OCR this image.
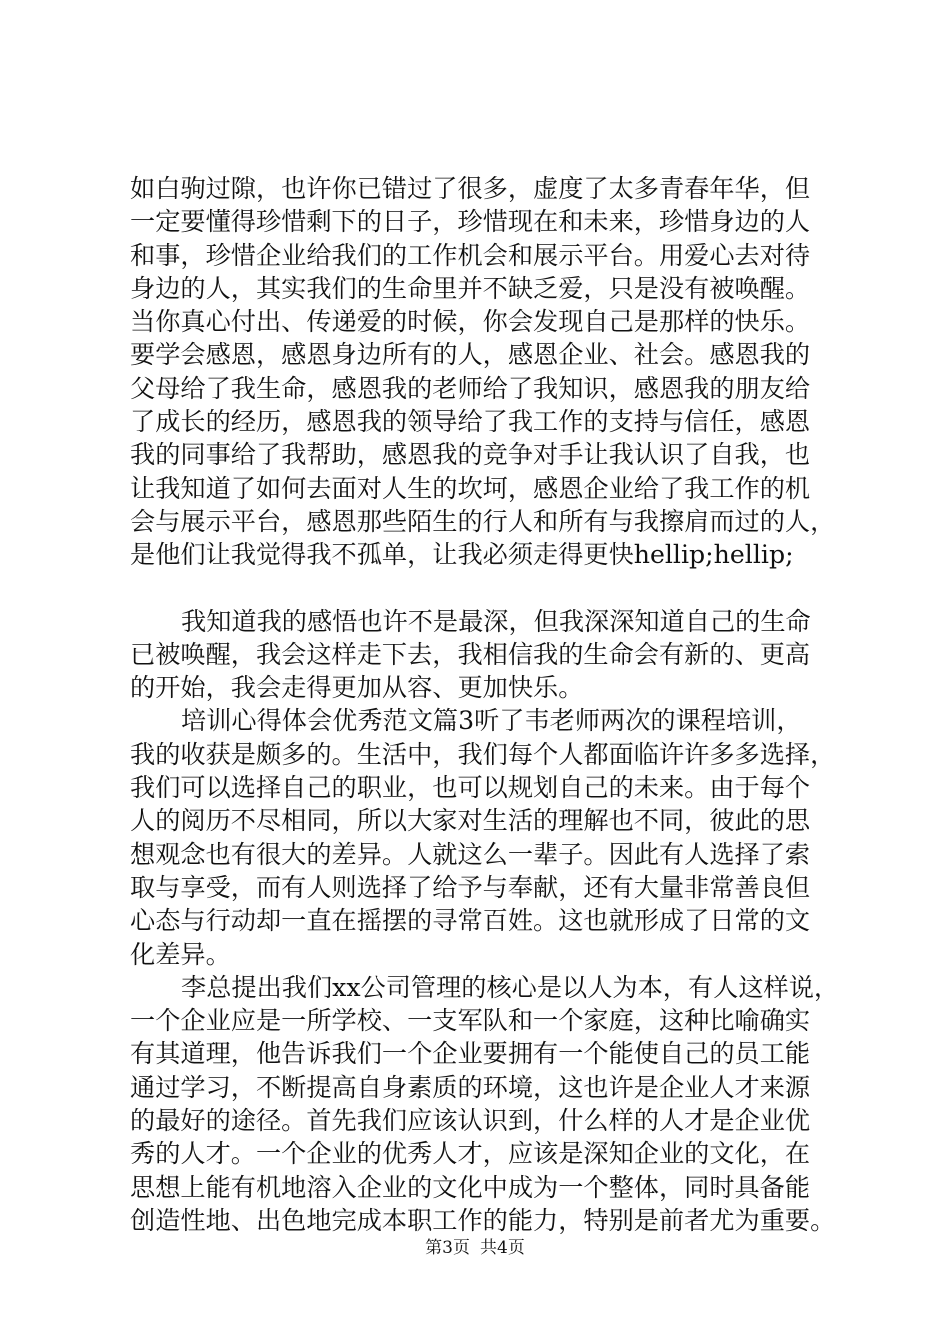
如白驹过隙，也许你已错过了很多，虚度了太多青春年华，但
一定要懂得珍惜剩下的日子，珍惜现在和未来，珍惜身边的人
和事，珍惜企业给我们的工作机会和展示平台。用爱心去对待
身边的人，其实我们的生命里并不缺乏爱，只是没有被唤醒。
当你真心付出、传递爱的时候，你会发现自己是那样的快乐。
要学会感恩，感恩身边所有的人，感恩企业、社会。感恩我的
父母给了我生命，感恩我的老师给了我知识，感恩我的朋友给
了成长的经历，感恩我的领导给了我工作的支持与信任，感恩
我的同事给了我帮助，感恩我的竞争对手让我认识了自我，也
让我知道了如何去面对人生的坎坷，感恩企业给了我工作的机
会与展示平台，感恩那些陌生的行人和所有与我擦肩而过的人，
是他们让我觉得我不孤单，让我必须走得更快hellip;hellip;
我知道我的感悟也许不是最深，但我深深知道自己的生命
已被唤醒，我会这样走下去，我相信我的生命会有新的、更高
的开始，我会走得更加从容、更加快乐。
培训心得体会优秀范文篇3听了韦老师两次的课程培训，
我的收获是颇多的。生活中，我们每个人都面临许许多多选择，
我们可以选择自己的职业，也可以规划自己的未来。由于每个
人的阅历不尽相同，所以大家对生活的理解也不同，彼此的思
想观念也有很大的差异。人就这么一辈子。因此有人选择了索
取与享受，而有人则选择了给予与奉献，还有大量非常善良但
心态与行动却一直在摇摆的寻常百姓。这也就形成了日常的文
化差异。
李总提出我们xx公司管理的核心是以人为本，有人这样说，
一个企业应是一所学校、一支军队和一个家庭，这种比喻确实
有其道理，他告诉我们一个企业要拥有一个能使自己的员工能
通过学习，不断提高自身素质的环境，这也许是企业人才来源
的最好的途径。首先我们应该认识到，什么样的人才是企业优
秀的人才。一个企业的优秀人才，应该是深知企业的文化，在
思想上能有机地溶入企业的文化中成为一个整体，同时具备能
创造性地、出色地完成本职工作的能力，特别是前者尤为重要。
第3页 共4页
